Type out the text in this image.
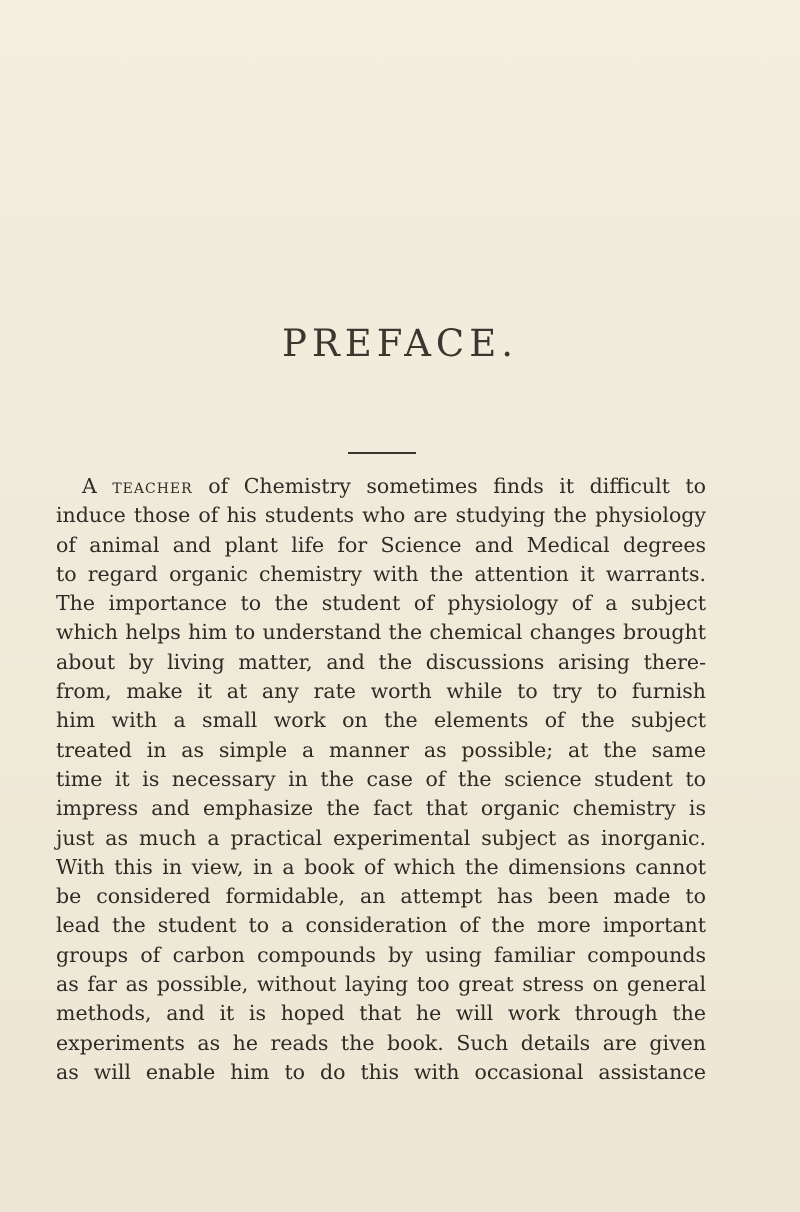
PREFACE.
A teacher of Chemistry sometimes finds it difficult to
induce those of his students who are studying the physiology
of animal and plant life for Science and Medical degrees
to regard organic chemistry with the attention it warrants.
The importance to the student of physiology of a subject
which helps him to understand the chemical changes brought
about by living matter, and the discussions arising there-
from, make it at any rate worth while to try to furnish
him with a small work on the elements of the subject
treated in as simple a manner as possible; at the same
time it is necessary in the case of the science student to
impress and emphasize the fact that organic chemistry is
just as much a practical experimental subject as inorganic.
With this in view, in a book of which the dimensions cannot
be considered formidable, an attempt has been made to
lead the student to a consideration of the more important
groups of carbon compounds by using familiar compounds
as far as possible, without laying too great stress on general
methods, and it is hoped that he will work through the
experiments as he reads the book. Such details are given
as will enable him to do this with occasional assistance
